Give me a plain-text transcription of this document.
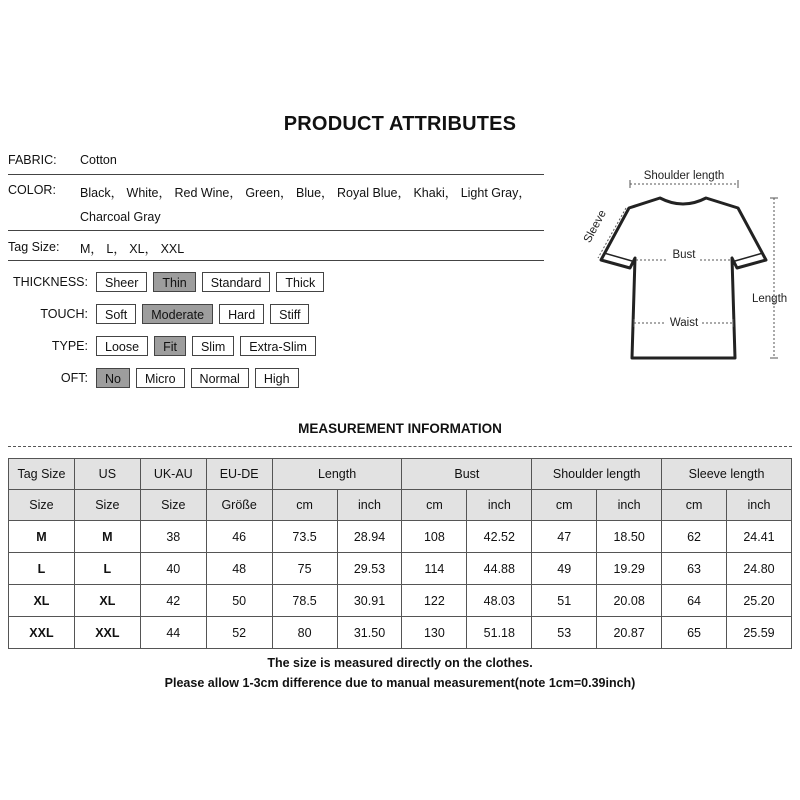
PRODUCT ATTRIBUTES
FABRIC: Cotton
COLOR: Black， White， Red Wine， Green， Blue， Royal Blue， Khaki， Light Gray，
Charcoal Gray
Tag Size: M， L， XL， XXL
THICKNESS:	Sheer	Thin	Standard	Thick
TOUCH:	Soft	Moderate	Hard	Stiff
TYPE:	Loose	Fit	Slim	Extra-Slim
OFT:	No	Micro	Normal	High
Shoulder length
Sleeve
Bust
Waist
Length
MEASUREMENT INFORMATION
Tag Size	US	UK-AU	EU-DE	Length		Bust		Shoulder length		Sleeve length	
Size	Size	Size	Größe	cm	inch	cm	inch	cm	inch	cm	inch
M	M	38	46	73.5	28.94	108	42.52	47	18.50	62	24.41
L	L	40	48	75	29.53	114	44.88	49	19.29	63	24.80
XL	XL	42	50	78.5	30.91	122	48.03	51	20.08	64	25.20
XXL	XXL	44	52	80	31.50	130	51.18	53	20.87	65	25.59
The size is measured directly on the clothes.
Please allow 1-3cm difference due to manual measurement(note 1cm=0.39inch)
